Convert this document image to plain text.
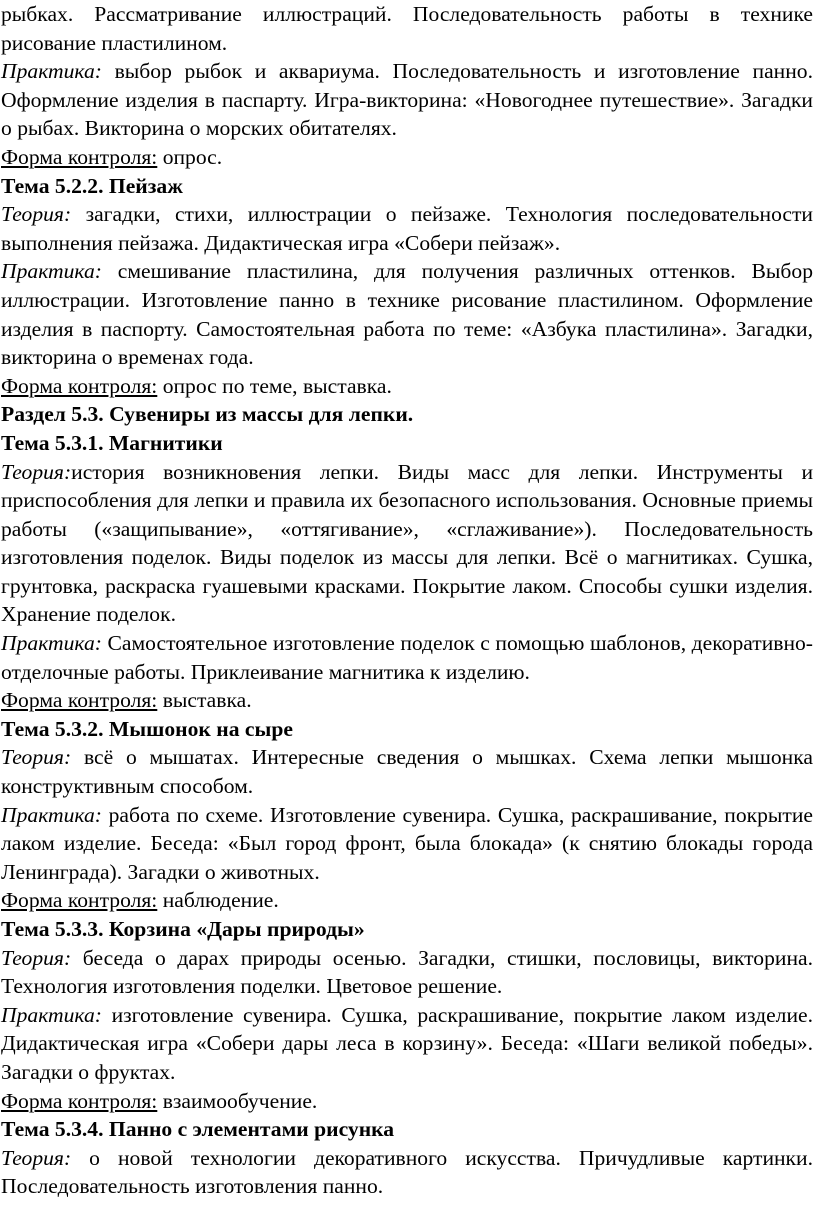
рыбках. Рассматривание иллюстраций. Последовательность работы в технике рисование пластилином.

Практика: выбор рыбок и аквариума. Последовательность и изготовление панно. Оформление изделия в паспарту. Игра-викторина: «Новогоднее путешествие». Загадки о рыбах. Викторина о морских обитателях.

Форма контроля: опрос.

Тема 5.2.2. Пейзаж

Теория: загадки, стихи, иллюстрации о пейзаже. Технология последовательности выполнения пейзажа. Дидактическая игра «Собери пейзаж».

Практика: смешивание пластилина, для получения различных оттенков. Выбор иллюстрации. Изготовление панно в технике рисование пластилином. Оформление изделия в паспорту. Самостоятельная работа по теме: «Азбука пластилина». Загадки, викторина о временах года.

Форма контроля: опрос по теме, выставка.

Раздел 5.3. Сувениры из массы для лепки.

Тема 5.3.1. Магнитики

Теория:история возникновения лепки. Виды масс для лепки. Инструменты и приспособления для лепки и правила их безопасного использования. Основные приемы работы («защипывание», «оттягивание», «сглаживание»). Последовательность изготовления поделок. Виды поделок из массы для лепки. Всё о магнитиках. Сушка, грунтовка, раскраска гуашевыми красками. Покрытие лаком. Способы сушки изделия. Хранение поделок.

Практика: Самостоятельное изготовление поделок с помощью шаблонов, декоративно-отделочные работы. Приклеивание магнитика к изделию.

Форма контроля: выставка.

Тема 5.3.2. Мышонок на сыре

Теория: всё о мышатах. Интересные сведения о мышках. Схема лепки мышонка конструктивным способом.

Практика: работа по схеме. Изготовление сувенира. Сушка, раскрашивание, покрытие лаком изделие. Беседа: «Был город фронт, была блокада» (к снятию блокады города Ленинграда). Загадки о животных.

Форма контроля: наблюдение.

Тема 5.3.3. Корзина «Дары природы»

Теория: беседа о дарах природы осенью. Загадки, стишки, пословицы, викторина. Технология изготовления поделки. Цветовое решение.

Практика: изготовление сувенира. Сушка, раскрашивание, покрытие лаком изделие. Дидактическая игра «Собери дары леса в корзину». Беседа: «Шаги великой победы». Загадки о фруктах.

Форма контроля: взаимообучение.

Тема 5.3.4. Панно с элементами рисунка

Теория: о новой технологии декоративного искусства. Причудливые картинки. Последовательность изготовления панно.
